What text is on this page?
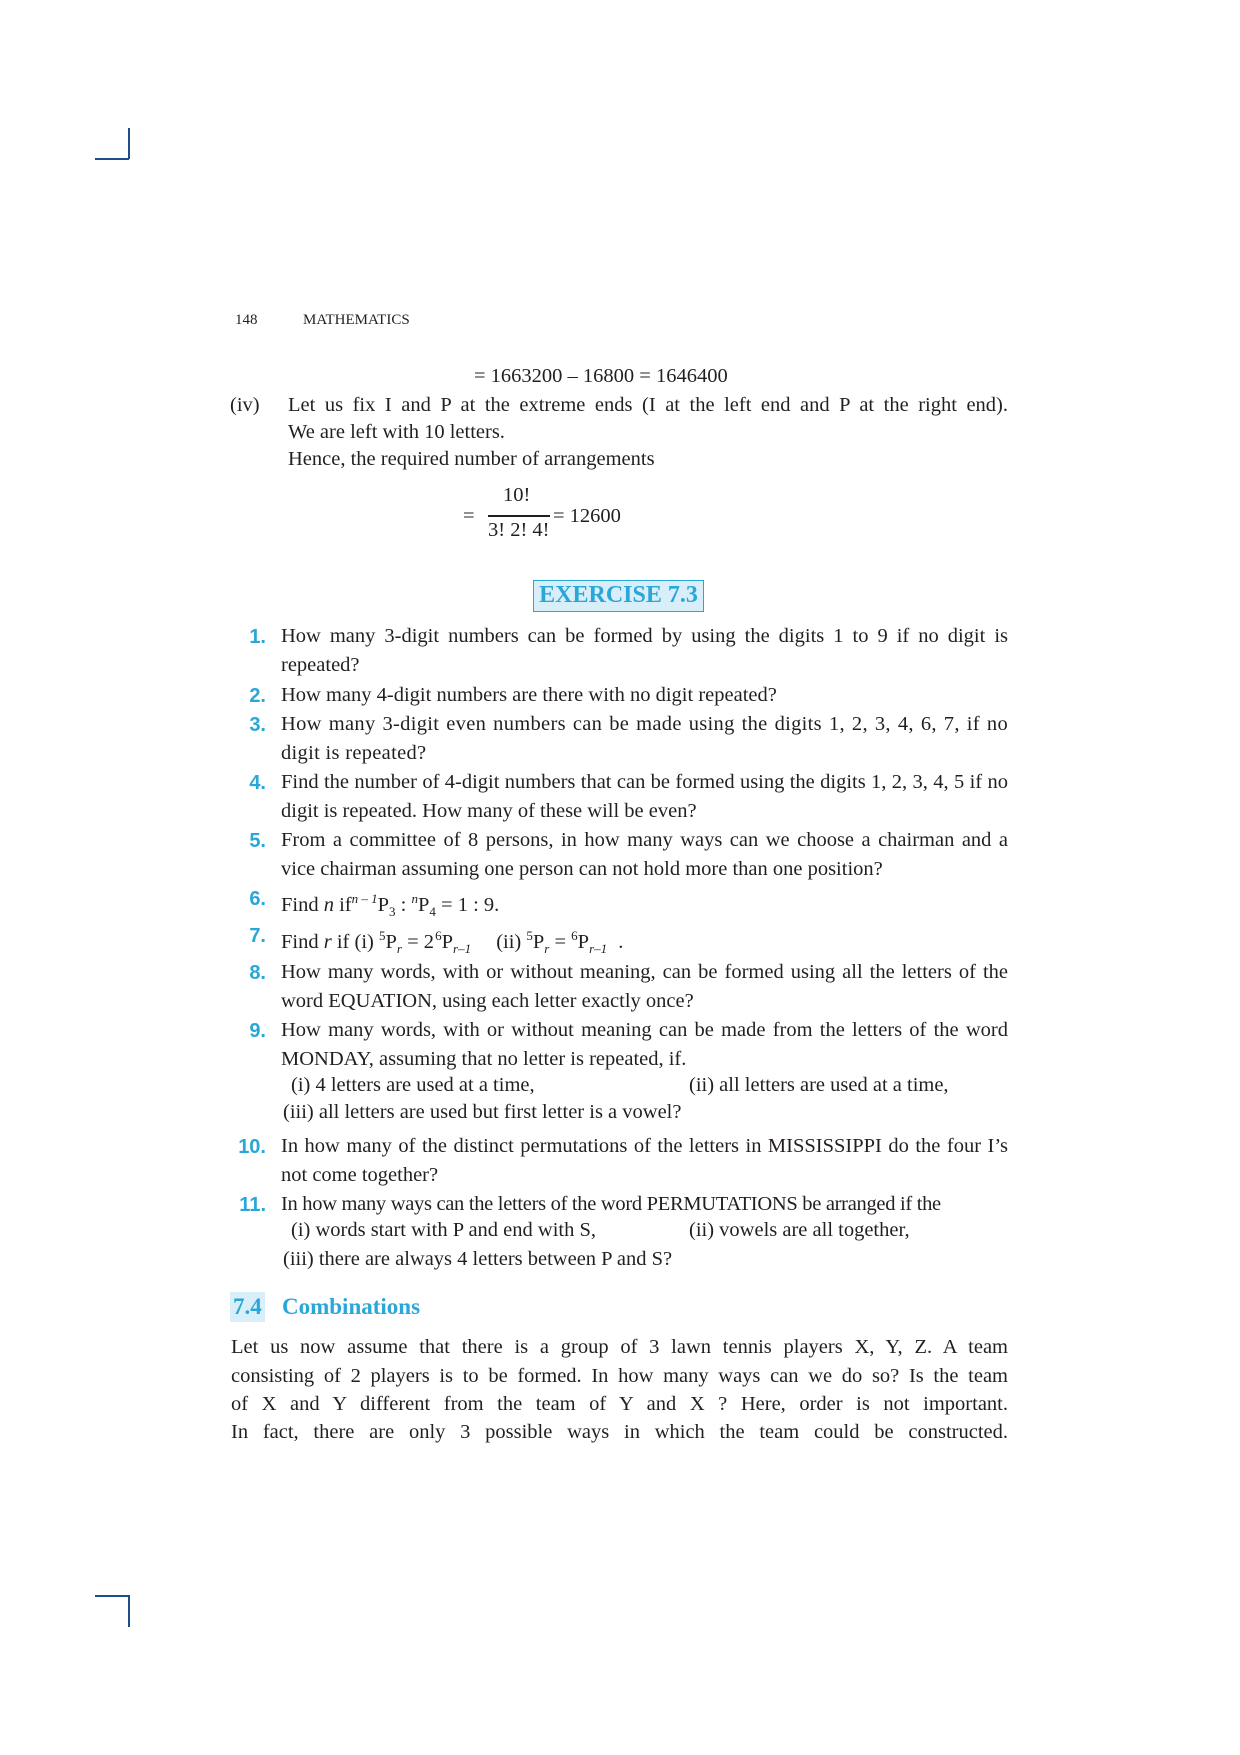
148	MATHEMATICS
= 1663200 – 16800 = 1646400
(iv) Let us fix I and P at the extreme ends (I at the left end and P at the right end).
We are left with 10 letters.
Hence, the required number of arrangements
=
10!
3! 2! 4!
= 12600
EXERCISE 7.3
1. How many 3-digit numbers can be formed by using the digits 1 to 9 if no digit is repeated?
2. How many 4-digit numbers are there with no digit repeated?
3. How many 3-digit even numbers can be made using the digits 1, 2, 3, 4, 6, 7, if no digit is repeated?
4. Find the number of 4-digit numbers that can be formed using the digits 1, 2, 3, 4, 5 if no digit is repeated. How many of these will be even?
5. From a committee of 8 persons, in how many ways can we choose a chairman and a vice chairman assuming one person can not hold more than one position?
6. Find n $if^{n - 1}P_3$ : $^nP_4 = 1$ : 9.
7. Find r if (i) $^5P_r = 2$ $^6P_{r-1}$ (ii) $^5P_r = ^6P_{r-1}$ .
8. How many words, with or without meaning, can be formed using all the letters of the word EQUATION, using each letter exactly once?
9. How many words, with or without meaning can be made from the letters of the word MONDAY, assuming that no letter is repeated, if.
(i) 4 letters are used at a time,	(ii) all letters are used at a time,
(iii) all letters are used but first letter is a vowel?
10. In how many of the distinct permutations of the letters in MISSISSIPPI do the four I’s not come together?
11. In how many ways can the letters of the word PERMUTATIONS be arranged if the
(i) words start with P and end with S,	(ii) vowels are all together,
(iii) there are always 4 letters between P and S?
7.4 Combinations
Let us now assume that there is a group of 3 lawn tennis players X, Y, Z. A team
consisting of 2 players is to be formed. In how many ways can we do so? Is the team
of X and Y different from the team of Y and X ? Here, order is not important.
In fact, there are only 3 possible ways in which the team could be constructed.
